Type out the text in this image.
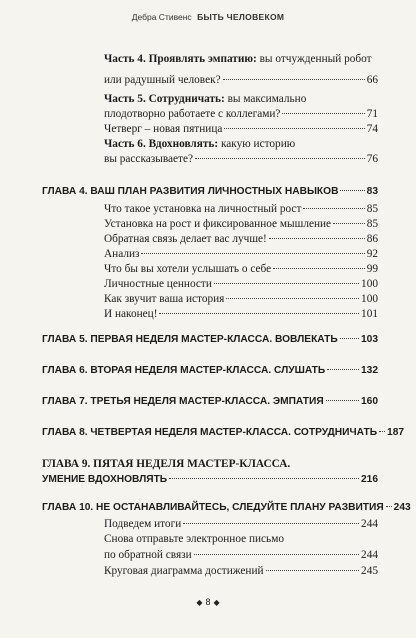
Дебра Стивенс БЫТЬ ЧЕЛОВЕКОМ
Часть 4. Проявлять эмпатию: вы отчужденный робот
или радушный человек?	66
Часть 5. Сотрудничать: вы максимально
плодотворно работаете с коллегами?	71
Четверг – новая пятница	74
Часть 6. Вдохновлять: какую историю
вы рассказываете?	76
ГЛАВА 4. ВАШ ПЛАН РАЗВИТИЯ ЛИЧНОСТНЫХ НАВЫКОВ	83
Что такое установка на личностный рост	85
Установка на рост и фиксированное мышление	85
Обратная связь делает вас лучше!	86
Анализ	92
Что бы вы хотели услышать о себе	99
Личностные ценности	100
Как звучит ваша история	100
И наконец!	101
ГЛАВА 5. ПЕРВАЯ НЕДЕЛЯ МАСТЕР-КЛАССА. ВОВЛЕКАТЬ 103
ГЛАВА 6. ВТОРАЯ НЕДЕЛЯ МАСТЕР-КЛАССА. СЛУШАТЬ	132
ГЛАВА 7. ТРЕТЬЯ НЕДЕЛЯ МАСТЕР-КЛАССА. ЭМПАТИЯ	160
ГЛАВА 8. ЧЕТВЕРТАЯ НЕДЕЛЯ МАСТЕР-КЛАССА. СОТРУДНИЧАТЬ 187
ГЛАВА 9. ПЯТАЯ НЕДЕЛЯ МАСТЕР-КЛАССА.
УМЕНИЕ ВДОХНОВЛЯТЬ	216
ГЛАВА 10. НЕ ОСТАНАВЛИВАЙТЕСЬ, СЛЕДУЙТЕ ПЛАНУ РАЗВИТИЯ 243
Подведем итоги	244
Снова отправьте электронное письмо
по обратной связи	244
Круговая диаграмма достижений	245
◆ 8 ◆
